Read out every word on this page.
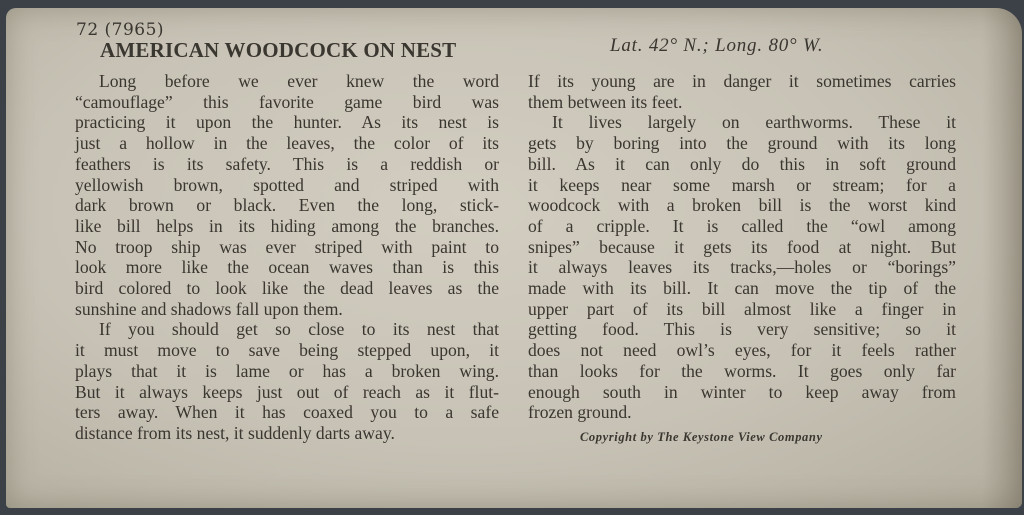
72 (7965)
AMERICAN WOODCOCK ON NEST	Lat. 42° N.; Long. 80° W.

Long before we ever knew the word

“camouflage” this favorite game bird was

practicing it upon the hunter. As its nest is

just a hollow in the leaves, the color of its

feathers is its safety. This is a reddish or

yellowish brown, spotted and striped with

dark brown or black. Even the long, stick-

like bill helps in its hiding among the branches.

No troop ship was ever striped with paint to

look more like the ocean waves than is this

bird colored to look like the dead leaves as the

sunshine and shadows fall upon them.

If you should get so close to its nest that

it must move to save being stepped upon, it

plays that it is lame or has a broken wing.

But it always keeps just out of reach as it flut-

ters away. When it has coaxed you to a safe

distance from its nest, it suddenly darts away.

If its young are in danger it sometimes carries

them between its feet.

It lives largely on earthworms. These it

gets by boring into the ground with its long

bill. As it can only do this in soft ground

it keeps near some marsh or stream; for a

woodcock with a broken bill is the worst kind

of a cripple. It is called the “owl among

snipes” because it gets its food at night. But

it always leaves its tracks,—holes or “borings”

made with its bill. It can move the tip of the

upper part of its bill almost like a finger in

getting food. This is very sensitive; so it

does not need owl’s eyes, for it feels rather

than looks for the worms. It goes only far

enough south in winter to keep away from

frozen ground.

Copyright by The Keystone View Company
